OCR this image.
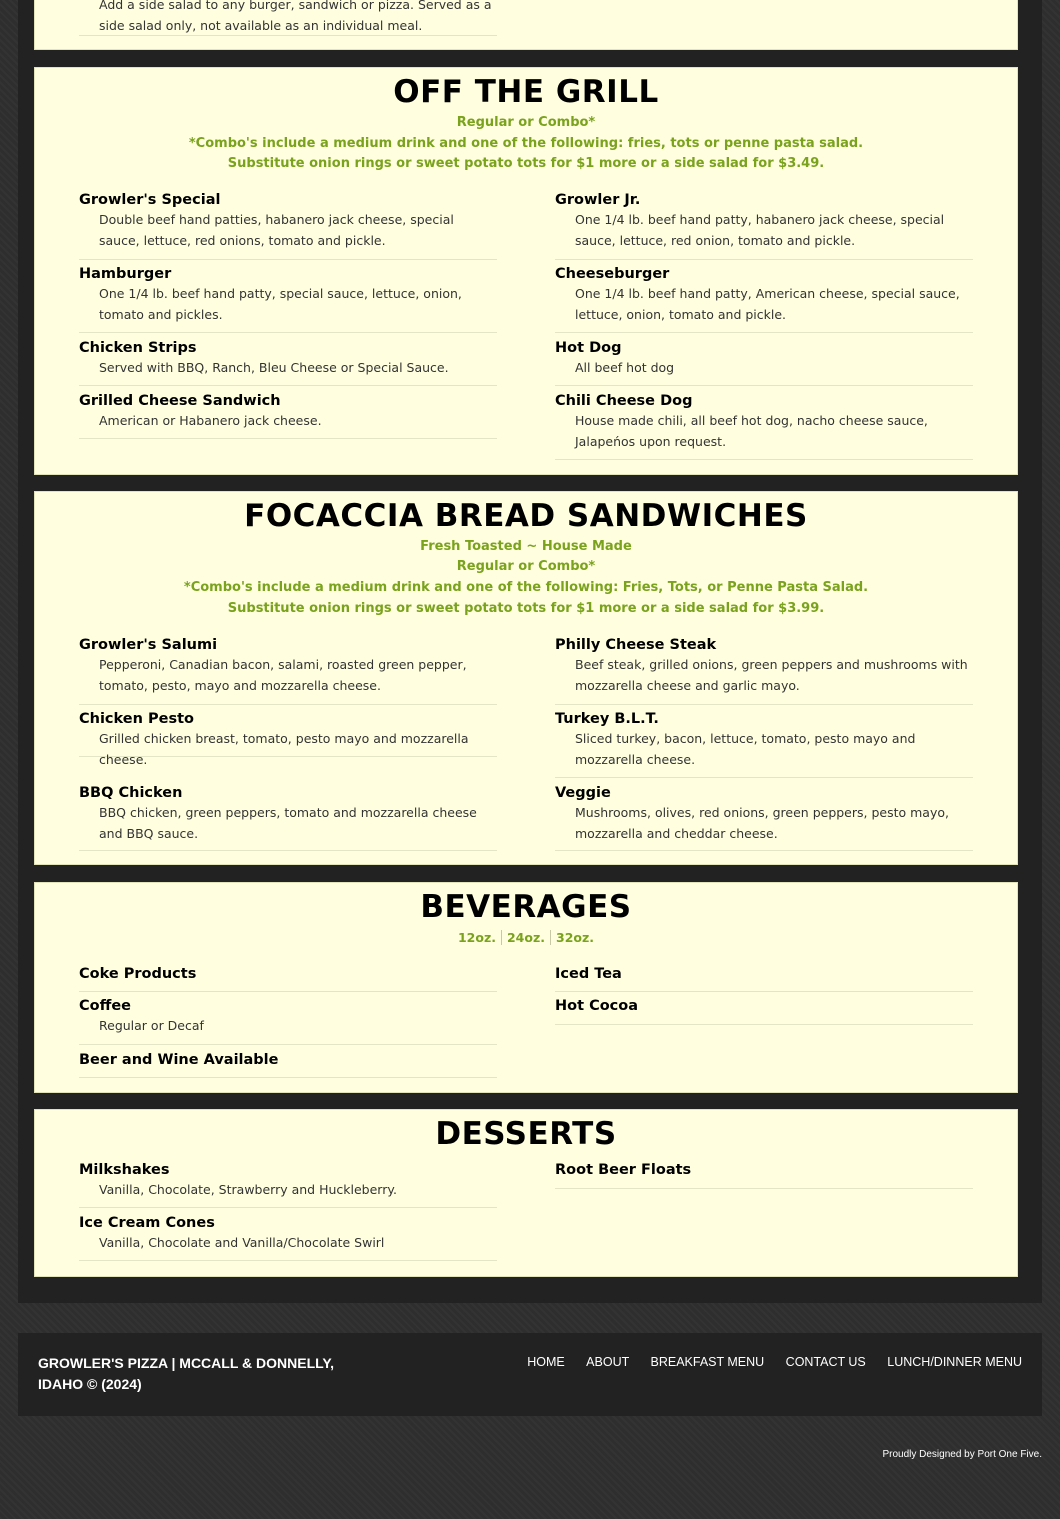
Add a side salad to any burger, sandwich or pizza. Served as a side salad only, not available as an individual meal.
OFF THE GRILL
Regular or Combo*
*Combo's include a medium drink and one of the following: fries, tots or penne pasta salad.
Substitute onion rings or sweet potato tots for $1 more or a side salad for $3.49.
Growler's Special
Double beef hand patties, habanero jack cheese, special sauce, lettuce, red onions, tomato and pickle.
Hamburger
One 1/4 lb. beef hand patty, special sauce, lettuce, onion, tomato and pickles.
Chicken Strips
Served with BBQ, Ranch, Bleu Cheese or Special Sauce.
Grilled Cheese Sandwich
American or Habanero jack cheese.
Growler Jr.
One 1/4 lb. beef hand patty, habanero jack cheese, special sauce, lettuce, red onion, tomato and pickle.
Cheeseburger
One 1/4 lb. beef hand patty, American cheese, special sauce, lettuce, onion, tomato and pickle.
Hot Dog
All beef hot dog
Chili Cheese Dog
House made chili, all beef hot dog, nacho cheese sauce, Jalapeńos upon request.
FOCACCIA BREAD SANDWICHES
Fresh Toasted ~ House Made
Regular or Combo*
*Combo's include a medium drink and one of the following: Fries, Tots, or Penne Pasta Salad.
Substitute onion rings or sweet potato tots for $1 more or a side salad for $3.99.
Growler's Salumi
Pepperoni, Canadian bacon, salami, roasted green pepper, tomato, pesto, mayo and mozzarella cheese.
Chicken Pesto
Grilled chicken breast, tomato, pesto mayo and mozzarella cheese.
BBQ Chicken
BBQ chicken, green peppers, tomato and mozzarella cheese and BBQ sauce.
Philly Cheese Steak
Beef steak, grilled onions, green peppers and mushrooms with mozzarella cheese and garlic mayo.
Turkey B.L.T.
Sliced turkey, bacon, lettuce, tomato, pesto mayo and mozzarella cheese.
Veggie
Mushrooms, olives, red onions, green peppers, pesto mayo, mozzarella and cheddar cheese.
BEVERAGES
12oz. 24oz. 32oz.
Coke Products
Coffee
Regular or Decaf
Beer and Wine Available
Iced Tea
Hot Cocoa
DESSERTS
Milkshakes
Vanilla, Chocolate, Strawberry and Huckleberry.
Ice Cream Cones
Vanilla, Chocolate and Vanilla/Chocolate Swirl
Root Beer Floats
GROWLER'S PIZZA | MCCALL & DONNELLY, IDAHO © (2024)
HOME ABOUT BREAKFAST MENU CONTACT US LUNCH/DINNER MENU
Proudly Designed by Port One Five.
